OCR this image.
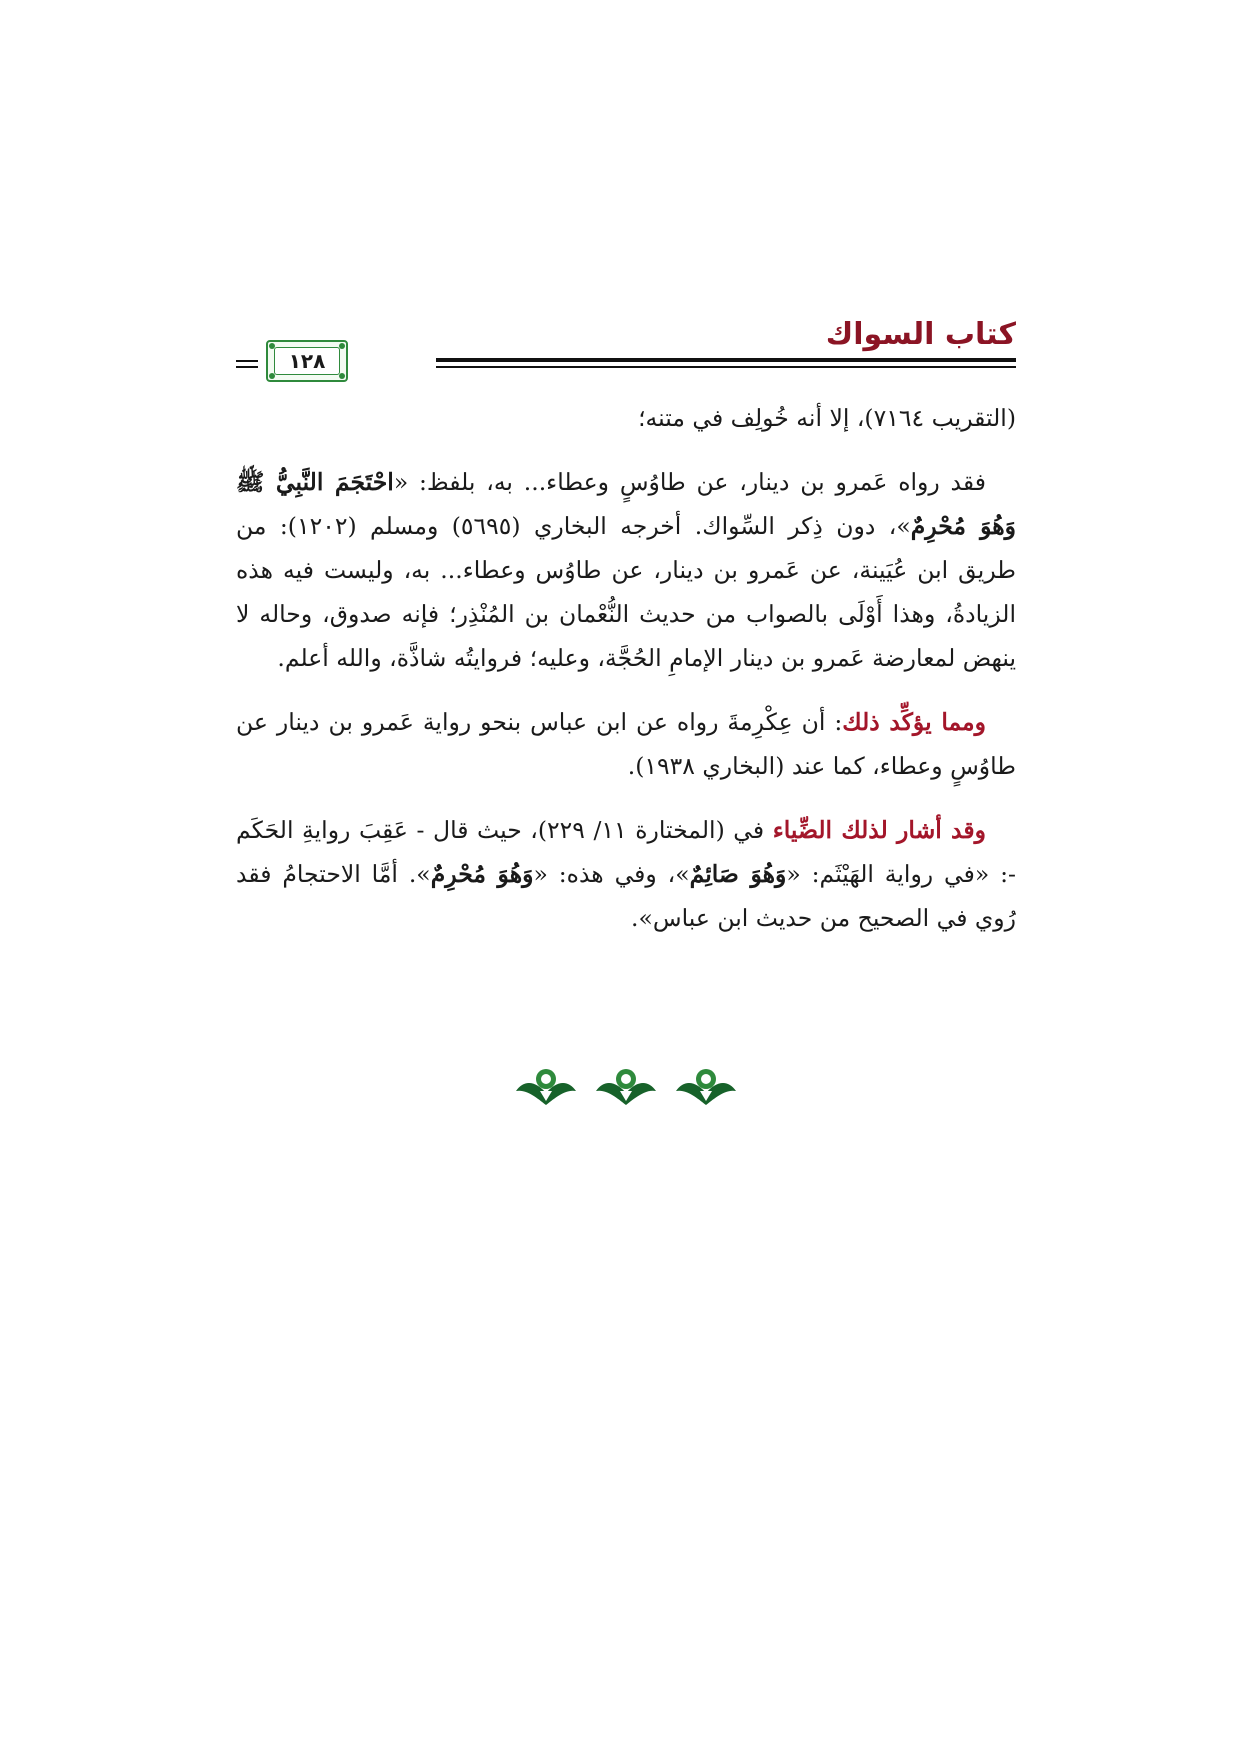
كتاب السواك
١٢٨

(التقريب ٧١٦٤)، إلا أنه خُولِف في متنه؛

فقد رواه عَمرو بن دينار، عن طاوُسٍ وعطاء... به، بلفظ: «احْتَجَمَ النَّبِيُّ ﷺ وَهُوَ مُحْرِمٌ»، دون ذِكر السِّواك. أخرجه البخاري (٥٦٩٥) ومسلم (١٢٠٢): من طريق ابن عُيَينة، عن عَمرو بن دينار، عن طاوُس وعطاء... به، وليست فيه هذه الزيادةُ، وهذا أَوْلَى بالصواب من حديث النُّعْمان بن المُنْذِر؛ فإنه صدوق، وحاله لا ينهض لمعارضة عَمرو بن دينار الإمامِ الحُجَّة، وعليه؛ فروايتُه شاذَّة، والله أعلم.

ومما يؤكِّد ذلك: أن عِكْرِمةَ رواه عن ابن عباس بنحو رواية عَمرو بن دينار عن طاوُسٍ وعطاء، كما عند (البخاري ١٩٣٨).

وقد أشار لذلك الضِّياء في (المختارة ١١/ ٢٢٩)، حيث قال - عَقِبَ روايةِ الحَكَم -: «في رواية الهَيْثَم: «وَهُوَ صَائِمٌ»، وفي هذه: «وَهُوَ مُحْرِمٌ». أمَّا الاحتجامُ فقد رُوي في الصحيح من حديث ابن عباس».
